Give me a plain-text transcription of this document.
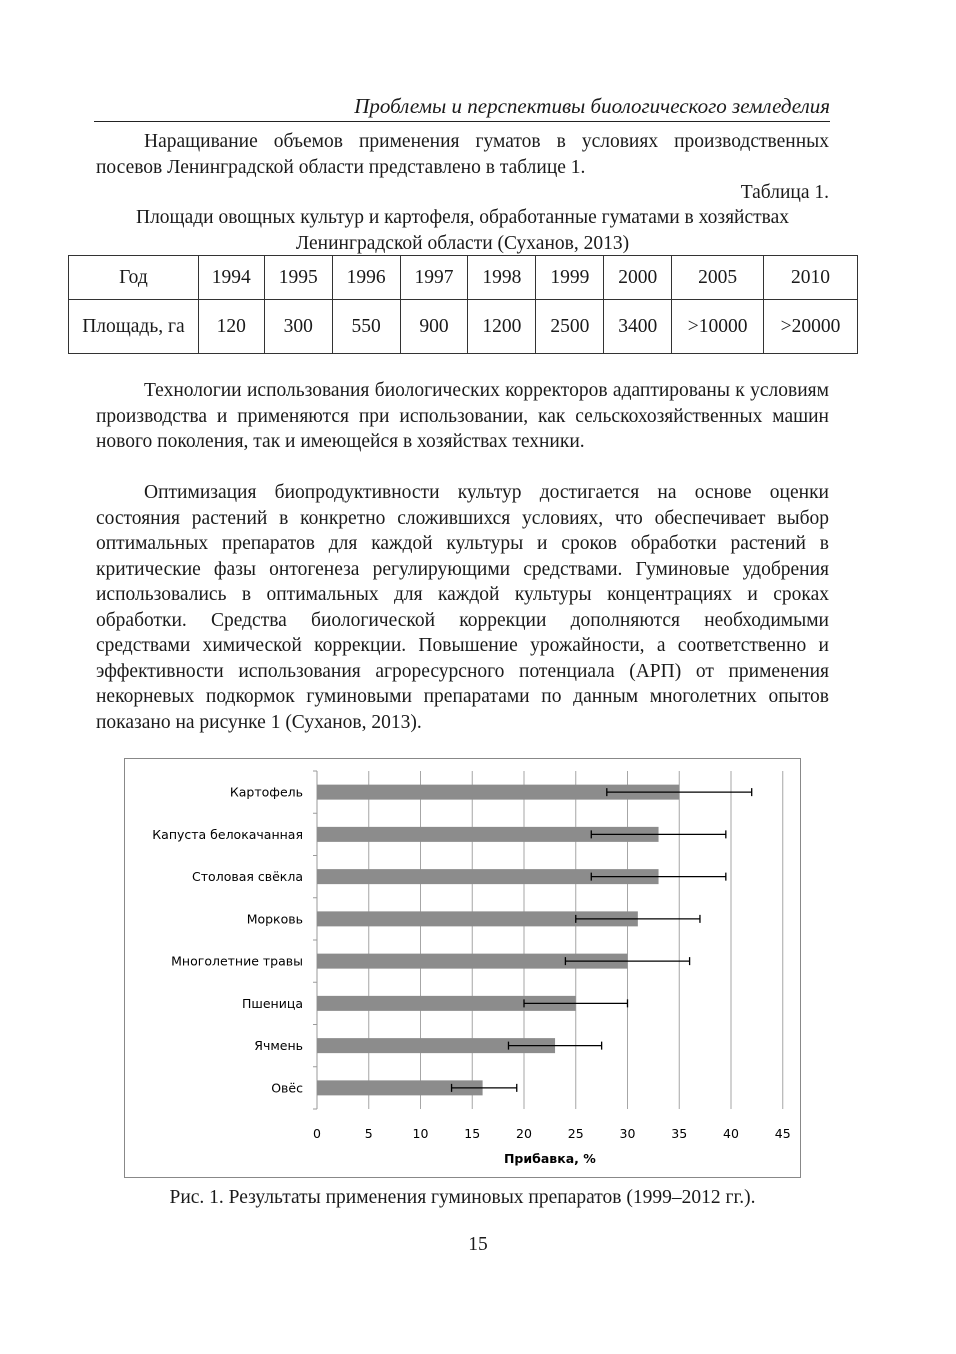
Проблемы и перспективы биологического земледелия

Наращивание объемов применения гуматов в условиях производственных посевов Ленинградской области представлено в таблице 1.

Таблица 1.
Площади овощных культур и картофеля, обработанные гуматами в хозяйствах Ленинградской области (Суханов, 2013)
Год	1994	1995	1996	1997	1998	1999	2000	2005	2010
Площадь, га	120	300	550	900	1200	2500	3400	>10000	>20000

Технологии использования биологических корректоров адаптированы к условиям производства и применяются при использовании, как сельскохозяйственных машин нового поколения, так и имеющейся в хозяйствах техники.

Оптимизация биопродуктивности культур достигается на основе оценки состояния растений в конкретно сложившихся условиях, что обеспечивает выбор оптимальных препаратов для каждой культуры и сроков обработки растений в критические фазы онтогенеза регулирующими средствами. Гуминовые удобрения использовались в оптимальных для каждой культуры концентрациях и сроках обработки. Средства биологической коррекции дополняются необходимыми средствами химической коррекции. Повышение урожайности, а соответственно и эффективности использования агроресурсного потенциала (АРП) от применения некорневых подкормок гуминовыми препаратами по данным многолетних опытов показано на рисунке 1 (Суханов, 2013).

Картофель
Капуста белокачанная
Столовая свёкла
Морковь
Многолетние травы
Пшеница
Ячмень
Овёс
0	5	10	15	20	25	30	35	40	45
Прибавка, %
Рис. 1. Результаты применения гуминовых препаратов (1999–2012 гг.).
15
